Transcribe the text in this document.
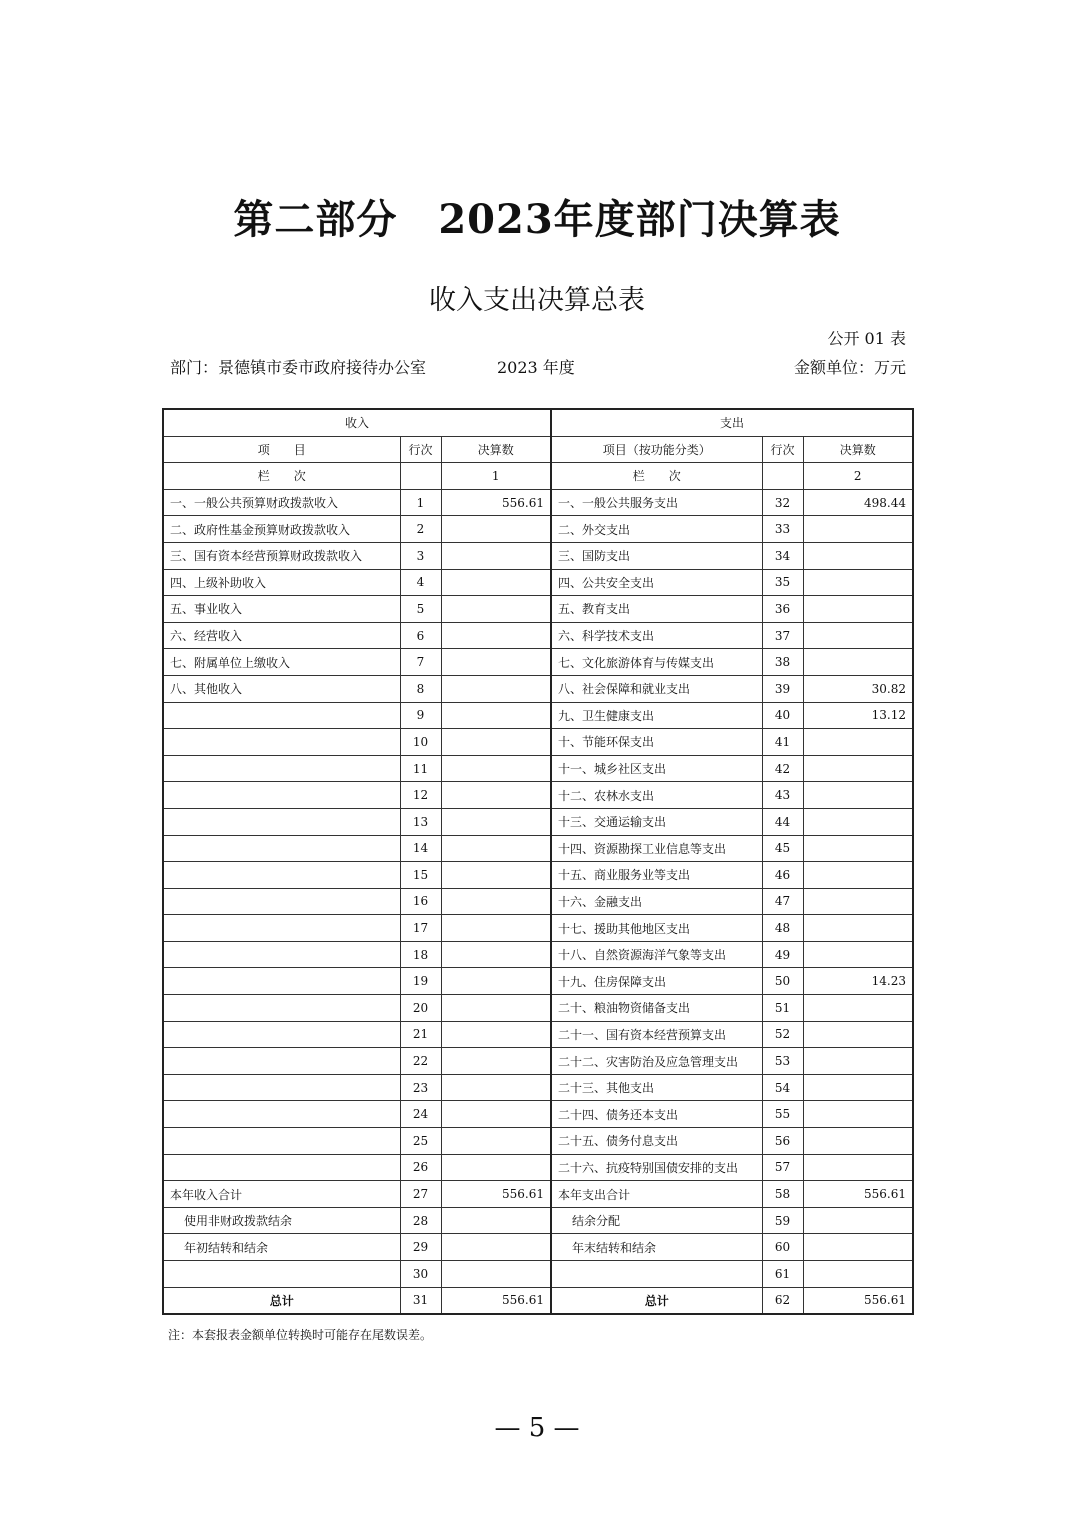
第二部分　2023年度部门决算表
收入支出决算总表
公开 01 表
部门：景德镇市委市政府接待办公室	2023 年度	金额单位：万元
收入			支出		
项　　目	行次	决算数	项目（按功能分类）	行次	决算数
栏　　次		1	栏　　次		2
一、一般公共预算财政拨款收入	1	556.61	一、一般公共服务支出	32	498.44
二、政府性基金预算财政拨款收入	2		二、外交支出	33	
三、国有资本经营预算财政拨款收入	3		三、国防支出	34	
四、上级补助收入	4		四、公共安全支出	35	
五、事业收入	5		五、教育支出	36	
六、经营收入	6		六、科学技术支出	37	
七、附属单位上缴收入	7		七、文化旅游体育与传媒支出	38	
八、其他收入	8		八、社会保障和就业支出	39	30.82
	9		九、卫生健康支出	40	13.12
	10		十、节能环保支出	41	
	11		十一、城乡社区支出	42	
	12		十二、农林水支出	43	
	13		十三、交通运输支出	44	
	14		十四、资源勘探工业信息等支出	45	
	15		十五、商业服务业等支出	46	
	16		十六、金融支出	47	
	17		十七、援助其他地区支出	48	
	18		十八、自然资源海洋气象等支出	49	
	19		十九、住房保障支出	50	14.23
	20		二十、粮油物资储备支出	51	
	21		二十一、国有资本经营预算支出	52	
	22		二十二、灾害防治及应急管理支出	53	
	23		二十三、其他支出	54	
	24		二十四、债务还本支出	55	
	25		二十五、债务付息支出	56	
	26		二十六、抗疫特别国债安排的支出	57	
本年收入合计	27	556.61	本年支出合计	58	556.61
使用非财政拨款结余	28		结余分配	59	
年初结转和结余	29		年末结转和结余	60	
	30			61	
总计	31	556.61	总计	62	556.61
注：本套报表金额单位转换时可能存在尾数误差。
— 5 —
